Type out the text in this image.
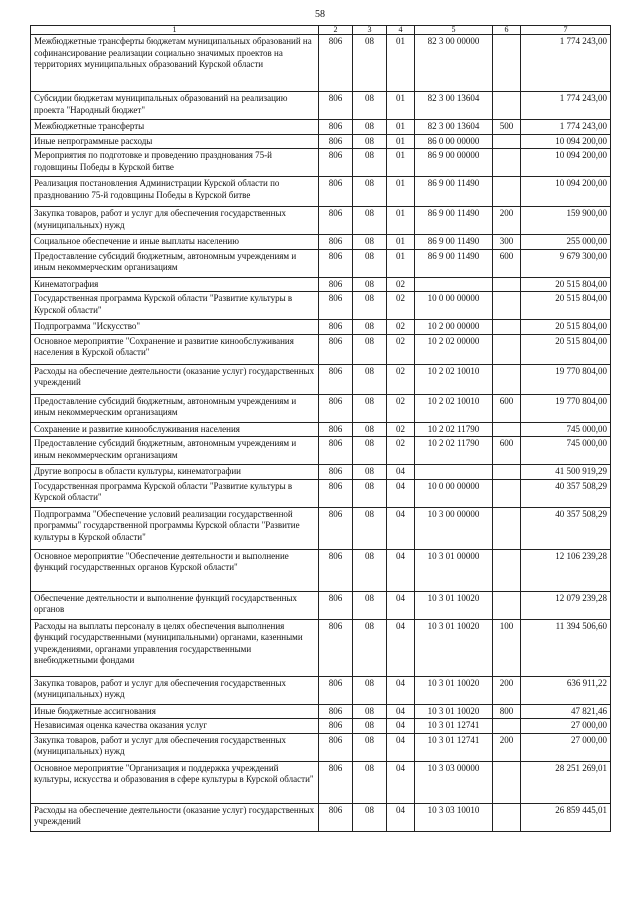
58
1	2	3	4	5	6	7
Межбюджетные трансферты бюджетам муниципальных образований на софинансирование реализации социально значимых проектов на территориях муниципальных образований Курской области	806	08	01	82 3 00 00000		1 774 243,00
Субсидии бюджетам муниципальных образований на реализацию проекта "Народный бюджет"	806	08	01	82 3 00 13604		1 774 243,00
Межбюджетные трансферты	806	08	01	82 3 00 13604	500	1 774 243,00
Иные непрограммные расходы	806	08	01	86 0 00 00000		10 094 200,00
Мероприятия по подготовке и проведению празднования 75-й годовщины Победы в Курской битве	806	08	01	86 9 00 00000		10 094 200,00
Реализация постановления Администрации Курской области по празднованию 75-й годовщины Победы в Курской битве	806	08	01	86 9 00 11490		10 094 200,00
Закупка товаров, работ и услуг для обеспечения государственных (муниципальных) нужд	806	08	01	86 9 00 11490	200	159 900,00
Социальное обеспечение и иные выплаты населению	806	08	01	86 9 00 11490	300	255 000,00
Предоставление субсидий бюджетным, автономным учреждениям и иным некоммерческим организациям	806	08	01	86 9 00 11490	600	9 679 300,00
Кинематография	806	08	02			20 515 804,00
Государственная программа Курской области "Развитие культуры в Курской области"	806	08	02	10 0 00 00000		20 515 804,00
Подпрограмма "Искусство"	806	08	02	10 2 00 00000		20 515 804,00
Основное мероприятие "Сохранение и развитие кинообслуживания населения в Курской области"	806	08	02	10 2 02 00000		20 515 804,00
Расходы на обеспечение деятельности (оказание услуг) государственных учреждений	806	08	02	10 2 02 10010		19 770 804,00
Предоставление субсидий бюджетным, автономным учреждениям и иным некоммерческим организациям	806	08	02	10 2 02 10010	600	19 770 804,00
Сохранение и развитие кинообслуживания населения	806	08	02	10 2 02 11790		745 000,00
Предоставление субсидий бюджетным, автономным учреждениям и иным некоммерческим организациям	806	08	02	10 2 02 11790	600	745 000,00
Другие вопросы в области культуры, кинематографии	806	08	04			41 500 919,29
Государственная программа Курской области "Развитие культуры в Курской области"	806	08	04	10 0 00 00000		40 357 508,29
Подпрограмма "Обеспечение условий реализации государственной программы" государственной программы Курской области "Развитие культуры в Курской области"	806	08	04	10 3 00 00000		40 357 508,29
Основное мероприятие "Обеспечение деятельности и выполнение функций государственных органов Курской области"	806	08	04	10 3 01 00000		12 106 239,28
Обеспечение деятельности и выполнение функций государственных органов	806	08	04	10 3 01 10020		12 079 239,28
Расходы на выплаты персоналу в целях обеспечения выполнения функций государственными (муниципальными) органами, казенными учреждениями, органами управления государственными внебюджетными фондами	806	08	04	10 3 01 10020	100	11 394 506,60
Закупка товаров, работ и услуг для обеспечения государственных (муниципальных) нужд	806	08	04	10 3 01 10020	200	636 911,22
Иные бюджетные ассигнования	806	08	04	10 3 01 10020	800	47 821,46
Независимая оценка качества оказания услуг	806	08	04	10 3 01 12741		27 000,00
Закупка товаров, работ и услуг для обеспечения государственных (муниципальных) нужд	806	08	04	10 3 01 12741	200	27 000,00
Основное мероприятие "Организация и поддержка учреждений культуры, искусства и образования в сфере культуры в Курской области"	806	08	04	10 3 03 00000		28 251 269,01
Расходы на обеспечение деятельности (оказание услуг) государственных учреждений	806	08	04	10 3 03 10010		26 859 445,01
